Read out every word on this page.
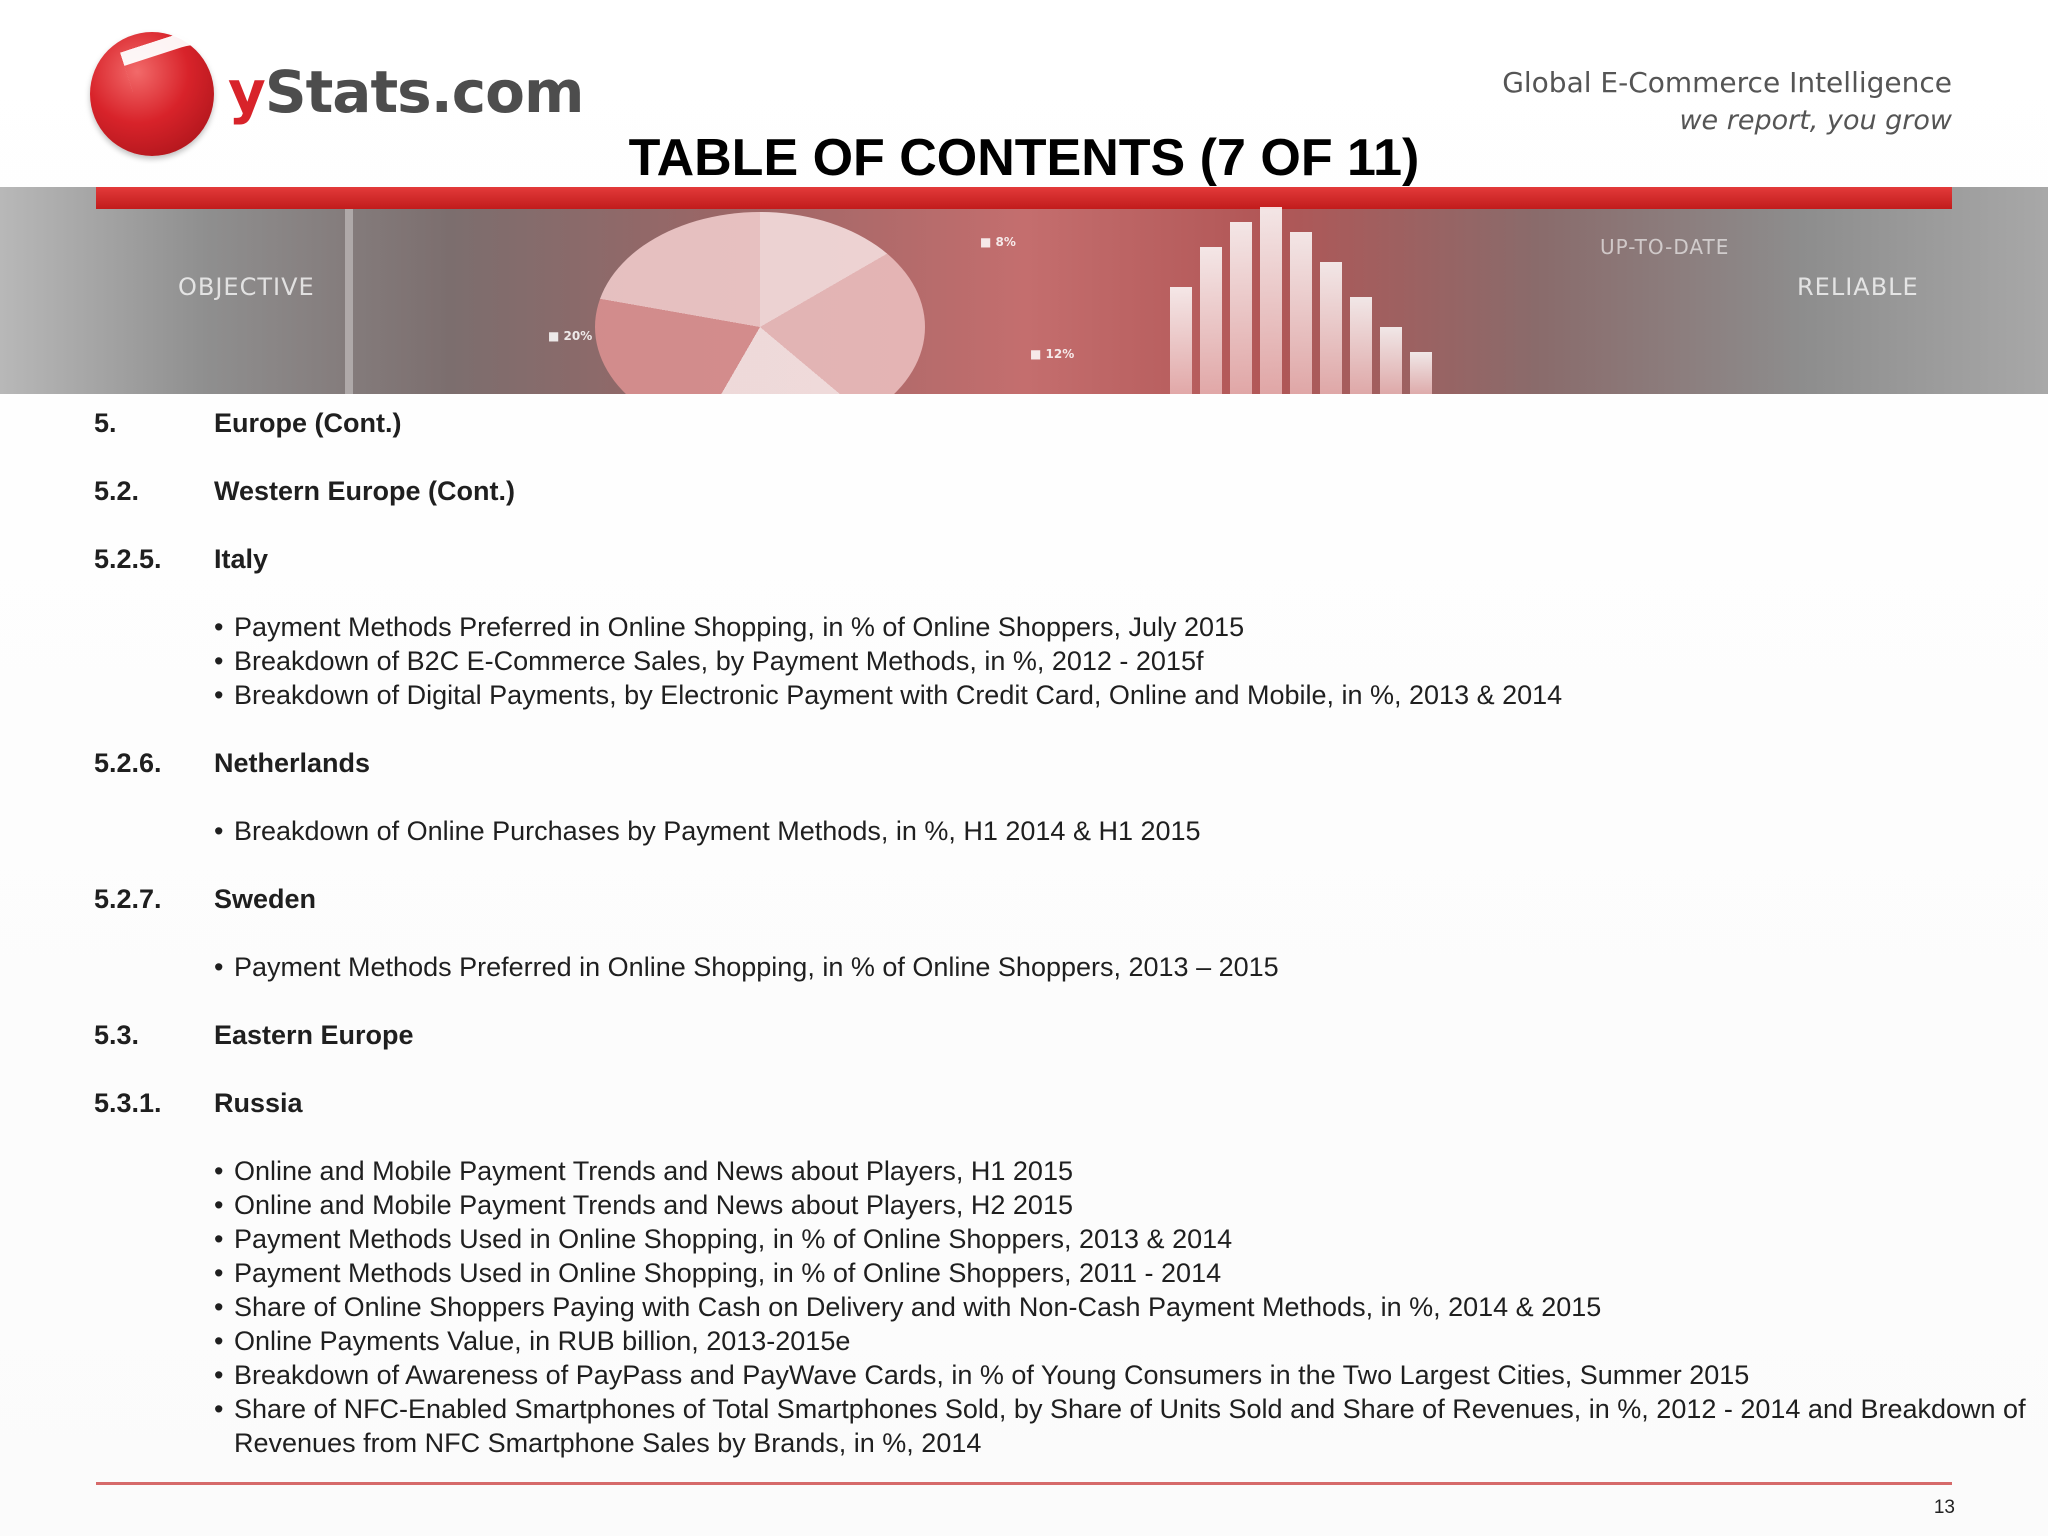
yStats.com	Global E-Commerce Intelligence
we report, you grow
TABLE OF CONTENTS (7 OF 11)
OBJECTIVE
UP-TO-DATE
RELIABLE
■ 20%
■ 8%
■ 12%
5.	Europe (Cont.)
5.2.	Western Europe (Cont.)
5.2.5. Italy
• Payment Methods Preferred in Online Shopping, in % of Online Shoppers, July 2015
• Breakdown of B2C E-Commerce Sales, by Payment Methods, in %, 2012 - 2015f
• Breakdown of Digital Payments, by Electronic Payment with Credit Card, Online and Mobile, in %, 2013 & 2014
5.2.6. Netherlands
• Breakdown of Online Purchases by Payment Methods, in %, H1 2014 & H1 2015
5.2.7. Sweden
• Payment Methods Preferred in Online Shopping, in % of Online Shoppers, 2013 – 2015
5.3.	Eastern Europe
5.3.1. Russia
• Online and Mobile Payment Trends and News about Players, H1 2015
• Online and Mobile Payment Trends and News about Players, H2 2015
• Payment Methods Used in Online Shopping, in % of Online Shoppers, 2013 & 2014
• Payment Methods Used in Online Shopping, in % of Online Shoppers, 2011 - 2014
• Share of Online Shoppers Paying with Cash on Delivery and with Non-Cash Payment Methods, in %, 2014 & 2015
• Online Payments Value, in RUB billion, 2013-2015e
• Breakdown of Awareness of PayPass and PayWave Cards, in % of Young Consumers in the Two Largest Cities, Summer 2015
• Share of NFC-Enabled Smartphones of Total Smartphones Sold, by Share of Units Sold and Share of Revenues, in %, 2012 - 2014 and Breakdown of Revenues from NFC Smartphone Sales by Brands, in %, 2014
13
